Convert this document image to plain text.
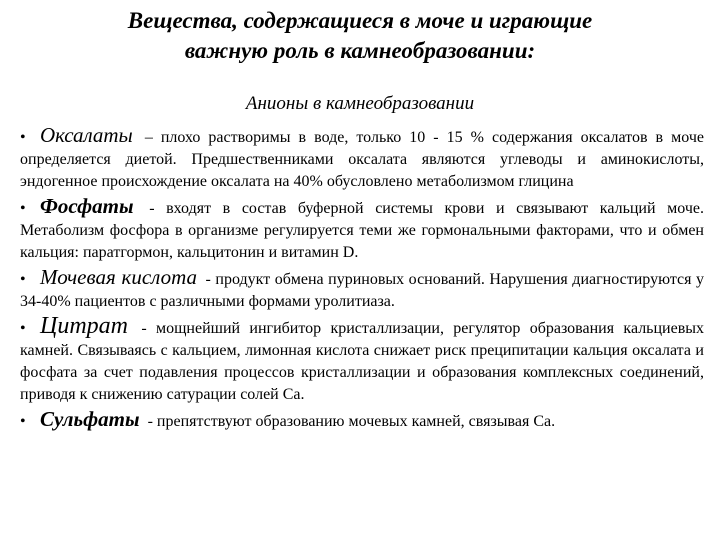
Вещества, содержащиеся в моче и играющие
важную роль в камнеобразовании:

Анионы в камнеобразовании

• Оксалаты – плохо растворимы в воде, только 10 - 15 % содержания оксалатов в моче определяется диетой. Предшественниками оксалата являются углеводы и аминокислоты, эндогенное происхождение оксалата на 40% обусловлено метаболизмом глицина
• Фосфаты - входят в состав буферной системы крови и связывают кальций моче. Метаболизм фосфора в организме регулируется теми же гормональными факторами, что и обмен кальция: паратгормон, кальцитонин и витамин D.
• Мочевая кислота - продукт обмена пуриновых оснований. Нарушения диагностируются у 34-40% пациентов с различными формами уролитиаза.
• Цитрат - мощнейший ингибитор кристаллизации, регулятор образования кальциевых камней. Связываясь с кальцием, лимонная кислота снижает риск преципитации кальция оксалата и фосфата за счет подавления процессов кристаллизации и образования комплексных соединений, приводя к снижению сатурации солей Са.
• Сульфаты - препятствуют образованию мочевых камней, связывая Са.
